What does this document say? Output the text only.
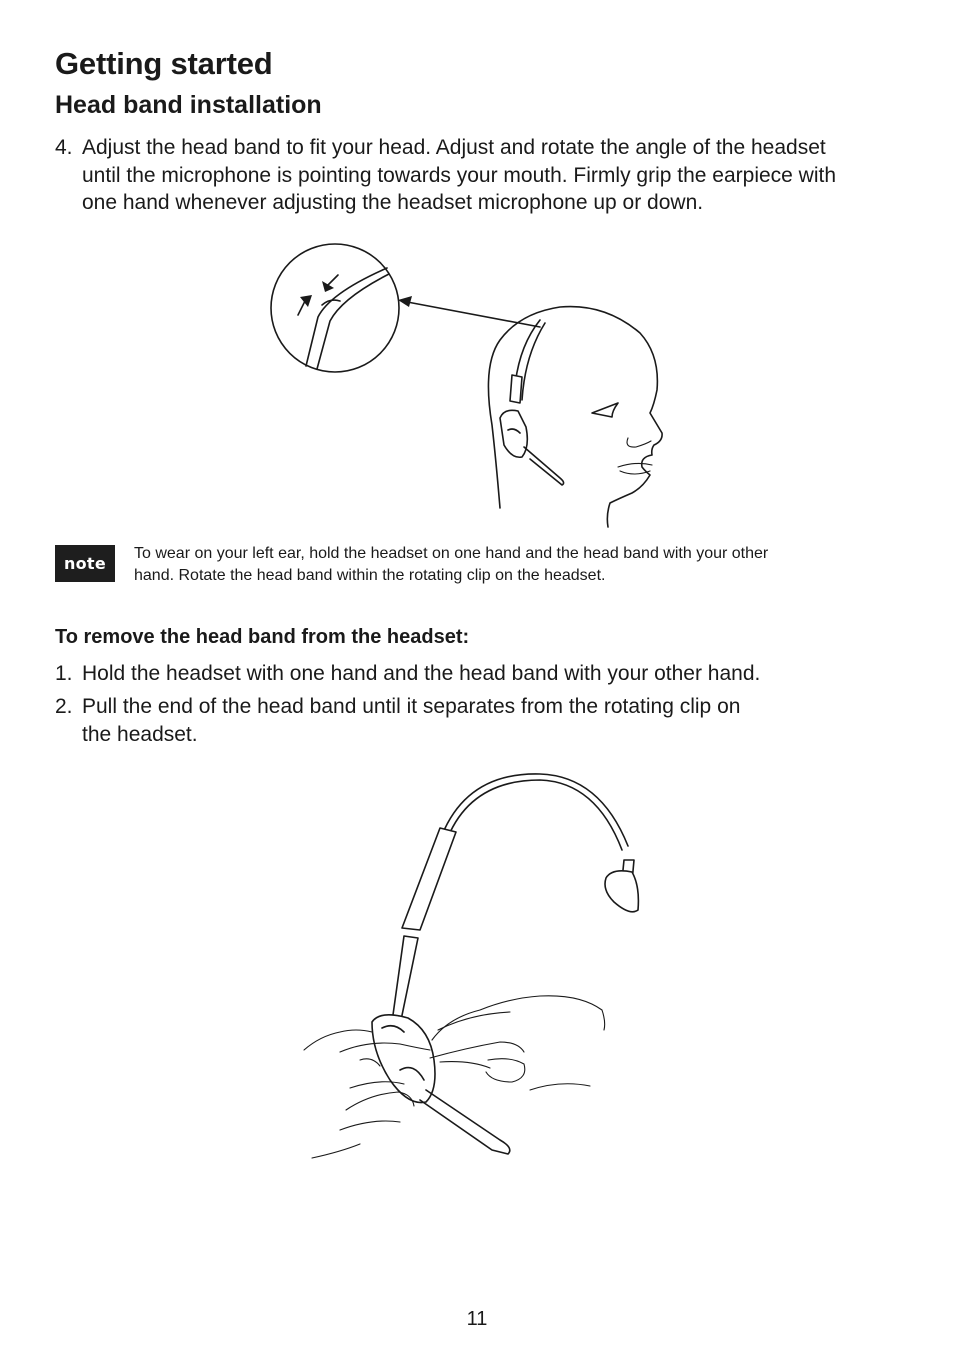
Getting started
Head band installation
4. Adjust the head band to fit your head. Adjust and rotate the angle of the headset
until the microphone is pointing towards your mouth. Firmly grip the earpiece with
one hand whenever adjusting the headset microphone up or down.
note
To wear on your left ear, hold the headset on one hand and the head band with your other
hand. Rotate the head band within the rotating clip on the headset.
To remove the head band from the headset:
1. Hold the headset with one hand and the head band with your other hand.
2. Pull the end of the head band until it separates from the rotating clip on
the headset.
11
